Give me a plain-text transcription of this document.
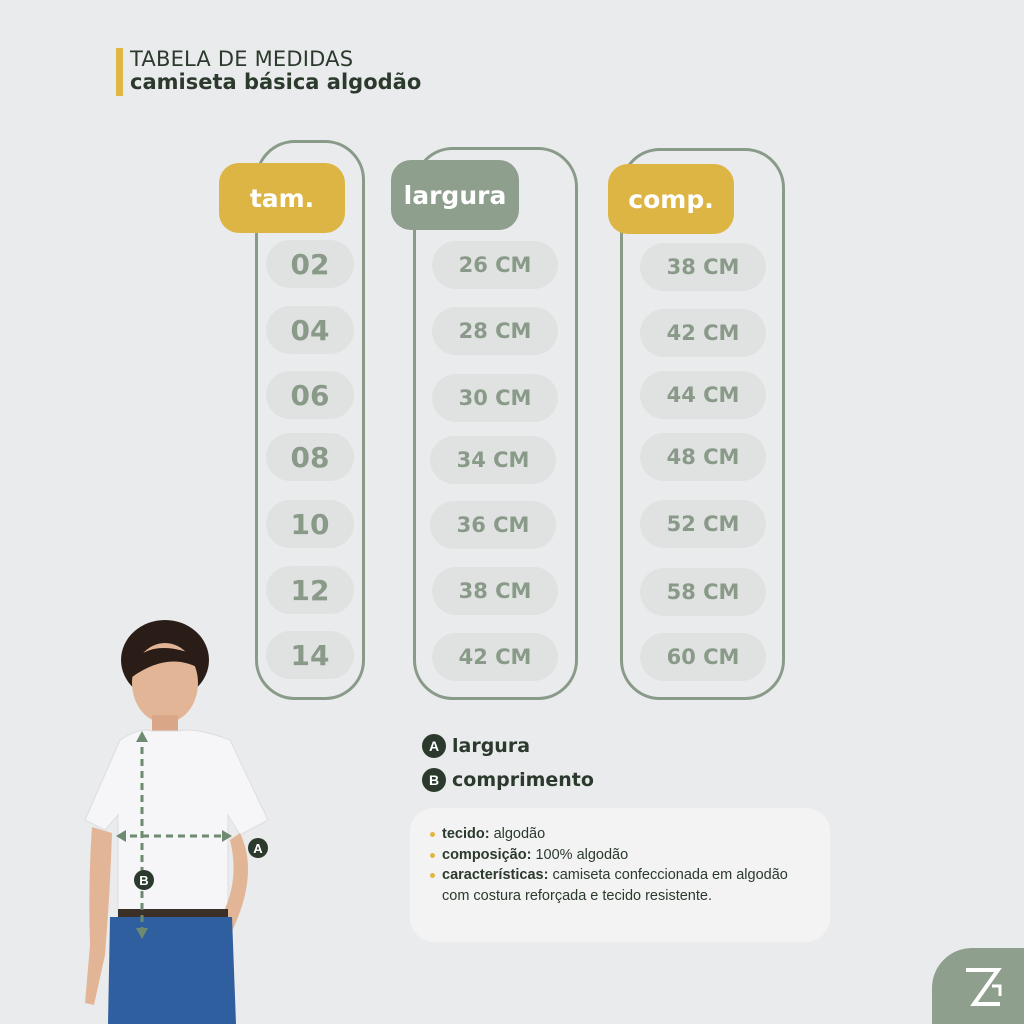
TABELA DE MEDIDAS
camiseta básica algodão
tam.
02
04
06
08
10
12
14
largura
26 CM
28 CM
30 CM
34 CM
36 CM
38 CM
42 CM
comp.
38 CM
42 CM
44 CM
48 CM
52 CM
58 CM
60 CM
A largura
B comprimento
tecido: algodão
composição: 100% algodão
características: camiseta confeccionada em algodão com costura reforçada e tecido resistente.
A
B
